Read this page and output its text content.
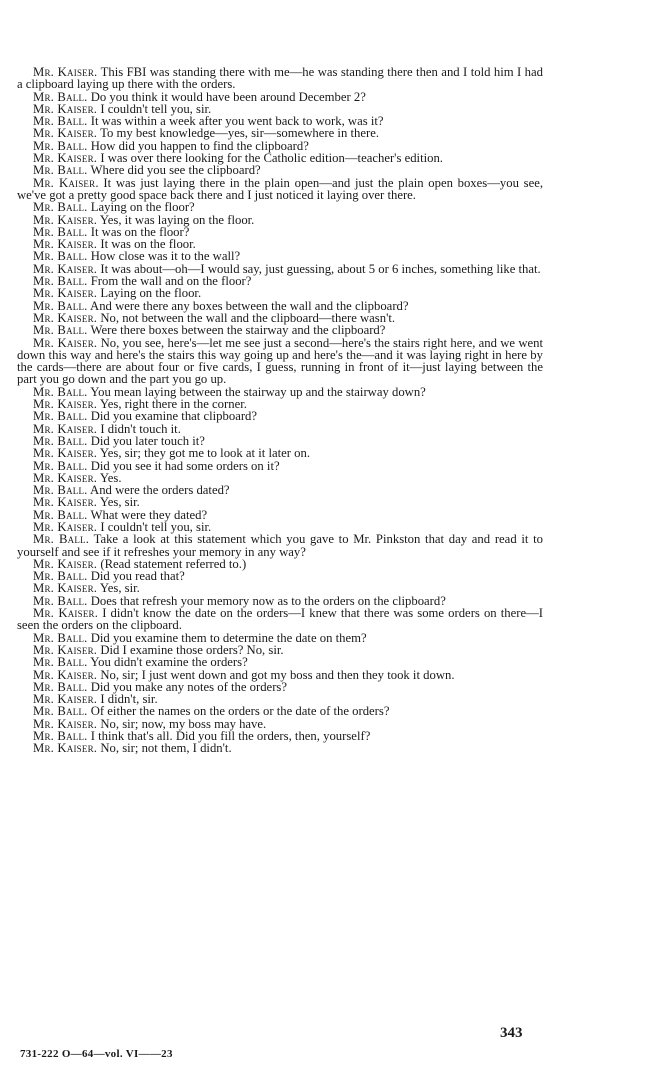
Mr. Kaiser. This FBI was standing there with me—he was standing there then and I told him I had a clipboard laying up there with the orders.

Mr. Ball. Do you think it would have been around December 2?

Mr. Kaiser. I couldn't tell you, sir.

Mr. Ball. It was within a week after you went back to work, was it?

Mr. Kaiser. To my best knowledge—yes, sir—somewhere in there.

Mr. Ball. How did you happen to find the clipboard?

Mr. Kaiser. I was over there looking for the Catholic edition—teacher's edition.

Mr. Ball. Where did you see the clipboard?

Mr. Kaiser. It was just laying there in the plain open—and just the plain open boxes—you see, we've got a pretty good space back there and I just noticed it laying over there.

Mr. Ball. Laying on the floor?

Mr. Kaiser. Yes, it was laying on the floor.

Mr. Ball. It was on the floor?

Mr. Kaiser. It was on the floor.

Mr. Ball. How close was it to the wall?

Mr. Kaiser. It was about—oh—I would say, just guessing, about 5 or 6 inches, something like that.

Mr. Ball. From the wall and on the floor?

Mr. Kaiser. Laying on the floor.

Mr. Ball. And were there any boxes between the wall and the clipboard?

Mr. Kaiser. No, not between the wall and the clipboard—there wasn't.

Mr. Ball. Were there boxes between the stairway and the clipboard?

Mr. Kaiser. No, you see, here's—let me see just a second—here's the stairs right here, and we went down this way and here's the stairs this way going up and here's the—and it was laying right in here by the cards—there are about four or five cards, I guess, running in front of it—just laying between the part you go down and the part you go up.

Mr. Ball. You mean laying between the stairway up and the stairway down?

Mr. Kaiser. Yes, right there in the corner.

Mr. Ball. Did you examine that clipboard?

Mr. Kaiser. I didn't touch it.

Mr. Ball. Did you later touch it?

Mr. Kaiser. Yes, sir; they got me to look at it later on.

Mr. Ball. Did you see it had some orders on it?

Mr. Kaiser. Yes.

Mr. Ball. And were the orders dated?

Mr. Kaiser. Yes, sir.

Mr. Ball. What were they dated?

Mr. Kaiser. I couldn't tell you, sir.

Mr. Ball. Take a look at this statement which you gave to Mr. Pinkston that day and read it to yourself and see if it refreshes your memory in any way?

Mr. Kaiser. (Read statement referred to.)

Mr. Ball. Did you read that?

Mr. Kaiser. Yes, sir.

Mr. Ball. Does that refresh your memory now as to the orders on the clipboard?

Mr. Kaiser. I didn't know the date on the orders—I knew that there was some orders on there—I seen the orders on the clipboard.

Mr. Ball. Did you examine them to determine the date on them?

Mr. Kaiser. Did I examine those orders? No, sir.

Mr. Ball. You didn't examine the orders?

Mr. Kaiser. No, sir; I just went down and got my boss and then they took it down.

Mr. Ball. Did you make any notes of the orders?

Mr. Kaiser. I didn't, sir.

Mr. Ball. Of either the names on the orders or the date of the orders?

Mr. Kaiser. No, sir; now, my boss may have.

Mr. Ball. I think that's all. Did you fill the orders, then, yourself?

Mr. Kaiser. No, sir; not them, I didn't.

343
731-222 O—64—vol. VI——23
